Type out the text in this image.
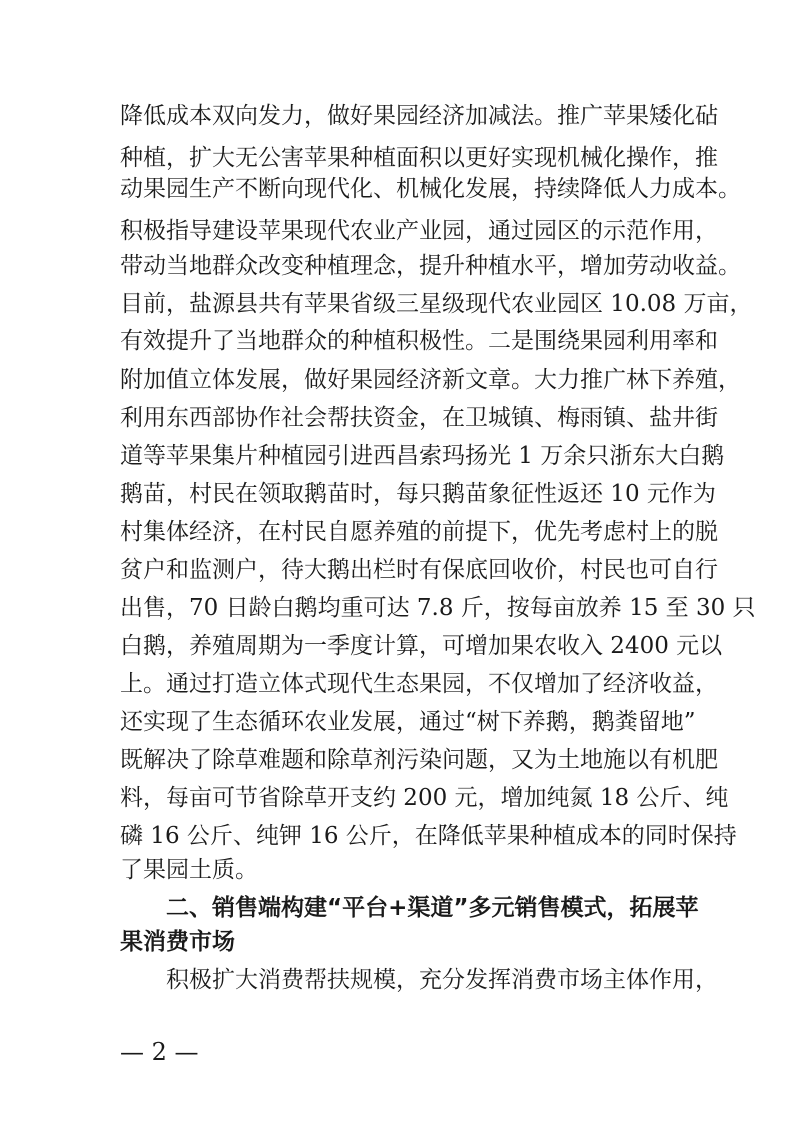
降低成本双向发力，做好果园经济加减法。推广苹果矮化砧
种植，扩大无公害苹果种植面积以更好实现机械化操作，推
动果园生产不断向现代化、机械化发展，持续降低人力成本。
积极指导建设苹果现代农业产业园，通过园区的示范作用，
带动当地群众改变种植理念，提升种植水平，增加劳动收益。
目前，盐源县共有苹果省级三星级现代农业园区 10.08 万亩，
有效提升了当地群众的种植积极性。二是围绕果园利用率和
附加值立体发展，做好果园经济新文章。大力推广林下养殖，
利用东西部协作社会帮扶资金，在卫城镇、梅雨镇、盐井街
道等苹果集片种植园引进西昌索玛扬光 1 万余只浙东大白鹅
鹅苗，村民在领取鹅苗时，每只鹅苗象征性返还 10 元作为
村集体经济，在村民自愿养殖的前提下，优先考虑村上的脱
贫户和监测户，待大鹅出栏时有保底回收价，村民也可自行
出售，70 日龄白鹅均重可达 7.8 斤，按每亩放养 15 至 30 只
白鹅，养殖周期为一季度计算，可增加果农收入 2400 元以
上。通过打造立体式现代生态果园，不仅增加了经济收益，
还实现了生态循环农业发展，通过“树下养鹅，鹅粪留地”
既解决了除草难题和除草剂污染问题，又为土地施以有机肥
料，每亩可节省除草开支约 200 元，增加纯氮 18 公斤、纯
磷 16 公斤、纯钾 16 公斤，在降低苹果种植成本的同时保持
了果园土质。
二、销售端构建“平台+渠道”多元销售模式，拓展苹
果消费市场
积极扩大消费帮扶规模，充分发挥消费市场主体作用，
— 2 —
